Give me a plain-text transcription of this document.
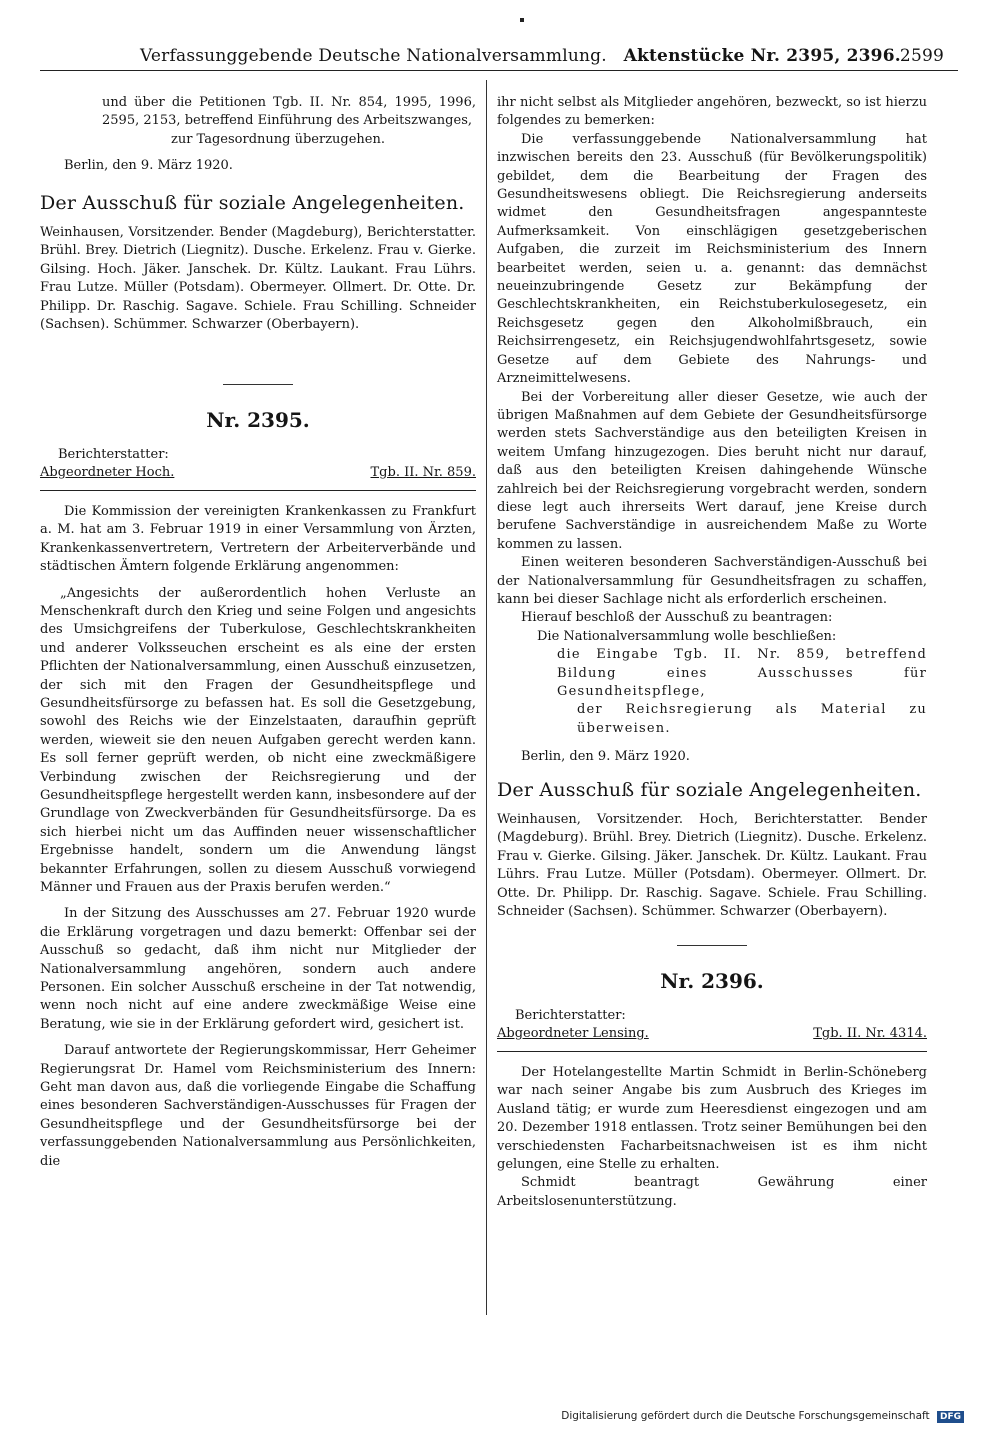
Verfassunggebende Deutsche Nationalversammlung. Aktenstücke Nr. 2395, 2396. 2599

und über die Petitionen Tgb. II. Nr. 854, 1995, 1996, 2595, 2153, betreffend Einführung des Arbeitszwanges,

zur Tagesordnung überzugehen.

Berlin, den 9. März 1920.

Der Ausschuß für soziale Angelegenheiten.

Weinhausen, Vorsitzender. Bender (Magdeburg), Berichterstatter. Brühl. Brey. Dietrich (Liegnitz). Dusche. Erkelenz. Frau v. Gierke. Gilsing. Hoch. Jäker. Janschek. Dr. Kültz. Laukant. Frau Lührs. Frau Lutze. Müller (Potsdam). Obermeyer. Ollmert. Dr. Otte. Dr. Philipp. Dr. Raschig. Sagave. Schiele. Frau Schilling. Schneider (Sachsen). Schümmer. Schwarzer (Oberbayern).

Nr. 2395.

Berichterstatter:
Abgeordneter Hoch.	Tgb. II. Nr. 859.

Die Kommission der vereinigten Krankenkassen zu Frankfurt a. M. hat am 3. Februar 1919 in einer Versammlung von Ärzten, Krankenkassenvertretern, Vertretern der Arbeiterverbände und städtischen Ämtern folgende Erklärung angenommen:

„Angesichts der außerordentlich hohen Verluste an Menschenkraft durch den Krieg und seine Folgen und angesichts des Umsichgreifens der Tuberkulose, Geschlechtskrankheiten und anderer Volksseuchen erscheint es als eine der ersten Pflichten der Nationalversammlung, einen Ausschuß einzusetzen, der sich mit den Fragen der Gesundheitspflege und Gesundheitsfürsorge zu befassen hat. Es soll die Gesetzgebung, sowohl des Reichs wie der Einzelstaaten, daraufhin geprüft werden, wieweit sie den neuen Aufgaben gerecht werden kann. Es soll ferner geprüft werden, ob nicht eine zweckmäßigere Verbindung zwischen der Reichsregierung und der Gesundheitspflege hergestellt werden kann, insbesondere auf der Grundlage von Zweckverbänden für Gesundheitsfürsorge. Da es sich hierbei nicht um das Auffinden neuer wissenschaftlicher Ergebnisse handelt, sondern um die Anwendung längst bekannter Erfahrungen, sollen zu diesem Ausschuß vorwiegend Männer und Frauen aus der Praxis berufen werden.“

In der Sitzung des Ausschusses am 27. Februar 1920 wurde die Erklärung vorgetragen und dazu bemerkt: Offenbar sei der Ausschuß so gedacht, daß ihm nicht nur Mitglieder der Nationalversammlung angehören, sondern auch andere Personen. Ein solcher Ausschuß erscheine in der Tat notwendig, wenn noch nicht auf eine andere zweckmäßige Weise eine Beratung, wie sie in der Erklärung gefordert wird, gesichert ist.

Darauf antwortete der Regierungskommissar, Herr Geheimer Regierungsrat Dr. Hamel vom Reichsministerium des Innern: Geht man davon aus, daß die vorliegende Eingabe die Schaffung eines besonderen Sachverständigen-Ausschusses für Fragen der Gesundheitspflege und der Gesundheitsfürsorge bei der verfassunggebenden Nationalversammlung aus Persönlichkeiten, die

ihr nicht selbst als Mitglieder angehören, bezweckt, so ist hierzu folgendes zu bemerken:

Die verfassunggebende Nationalversammlung hat inzwischen bereits den 23. Ausschuß (für Bevölkerungspolitik) gebildet, dem die Bearbeitung der Fragen des Gesundheitswesens obliegt. Die Reichsregierung anderseits widmet den Gesundheitsfragen angespannteste Aufmerksamkeit. Von einschlägigen gesetzgeberischen Aufgaben, die zurzeit im Reichsministerium des Innern bearbeitet werden, seien u. a. genannt: das demnächst neueinzubringende Gesetz zur Bekämpfung der Geschlechtskrankheiten, ein Reichstuberkulosegesetz, ein Reichsgesetz gegen den Alkoholmißbrauch, ein Reichsirrengesetz, ein Reichsjugendwohlfahrtsgesetz, sowie Gesetze auf dem Gebiete des Nahrungs- und Arzneimittelwesens.

Bei der Vorbereitung aller dieser Gesetze, wie auch der übrigen Maßnahmen auf dem Gebiete der Gesundheitsfürsorge werden stets Sachverständige aus den beteiligten Kreisen in weitem Umfang hinzugezogen. Dies beruht nicht nur darauf, daß aus den beteiligten Kreisen dahingehende Wünsche zahlreich bei der Reichsregierung vorgebracht werden, sondern diese legt auch ihrerseits Wert darauf, jene Kreise durch berufene Sachverständige in ausreichendem Maße zu Worte kommen zu lassen.

Einen weiteren besonderen Sachverständigen-Ausschuß bei der Nationalversammlung für Gesundheitsfragen zu schaffen, kann bei dieser Sachlage nicht als erforderlich erscheinen.

Hierauf beschloß der Ausschuß zu beantragen:

Die Nationalversammlung wolle beschließen:

die Eingabe Tgb. II. Nr. 859, betreffend Bildung eines Ausschusses für Gesundheitspflege,

der Reichsregierung als Material zu überweisen.

Berlin, den 9. März 1920.

Der Ausschuß für soziale Angelegenheiten.

Weinhausen, Vorsitzender. Hoch, Berichterstatter. Bender (Magdeburg). Brühl. Brey. Dietrich (Liegnitz). Dusche. Erkelenz. Frau v. Gierke. Gilsing. Jäker. Janschek. Dr. Kültz. Laukant. Frau Lührs. Frau Lutze. Müller (Potsdam). Obermeyer. Ollmert. Dr. Otte. Dr. Philipp. Dr. Raschig. Sagave. Schiele. Frau Schilling. Schneider (Sachsen). Schümmer. Schwarzer (Oberbayern).

Nr. 2396.

Berichterstatter:
Abgeordneter Lensing.	Tgb. II. Nr. 4314.

Der Hotelangestellte Martin Schmidt in Berlin-Schöneberg war nach seiner Angabe bis zum Ausbruch des Krieges im Ausland tätig; er wurde zum Heeresdienst eingezogen und am 20. Dezember 1918 entlassen. Trotz seiner Bemühungen bei den verschiedensten Facharbeitsnachweisen ist es ihm nicht gelungen, eine Stelle zu erhalten.

Schmidt beantragt Gewährung einer Arbeitslosenunterstützung.

Digitalisierung gefördert durch die Deutsche Forschungsgemeinschaft DFG
